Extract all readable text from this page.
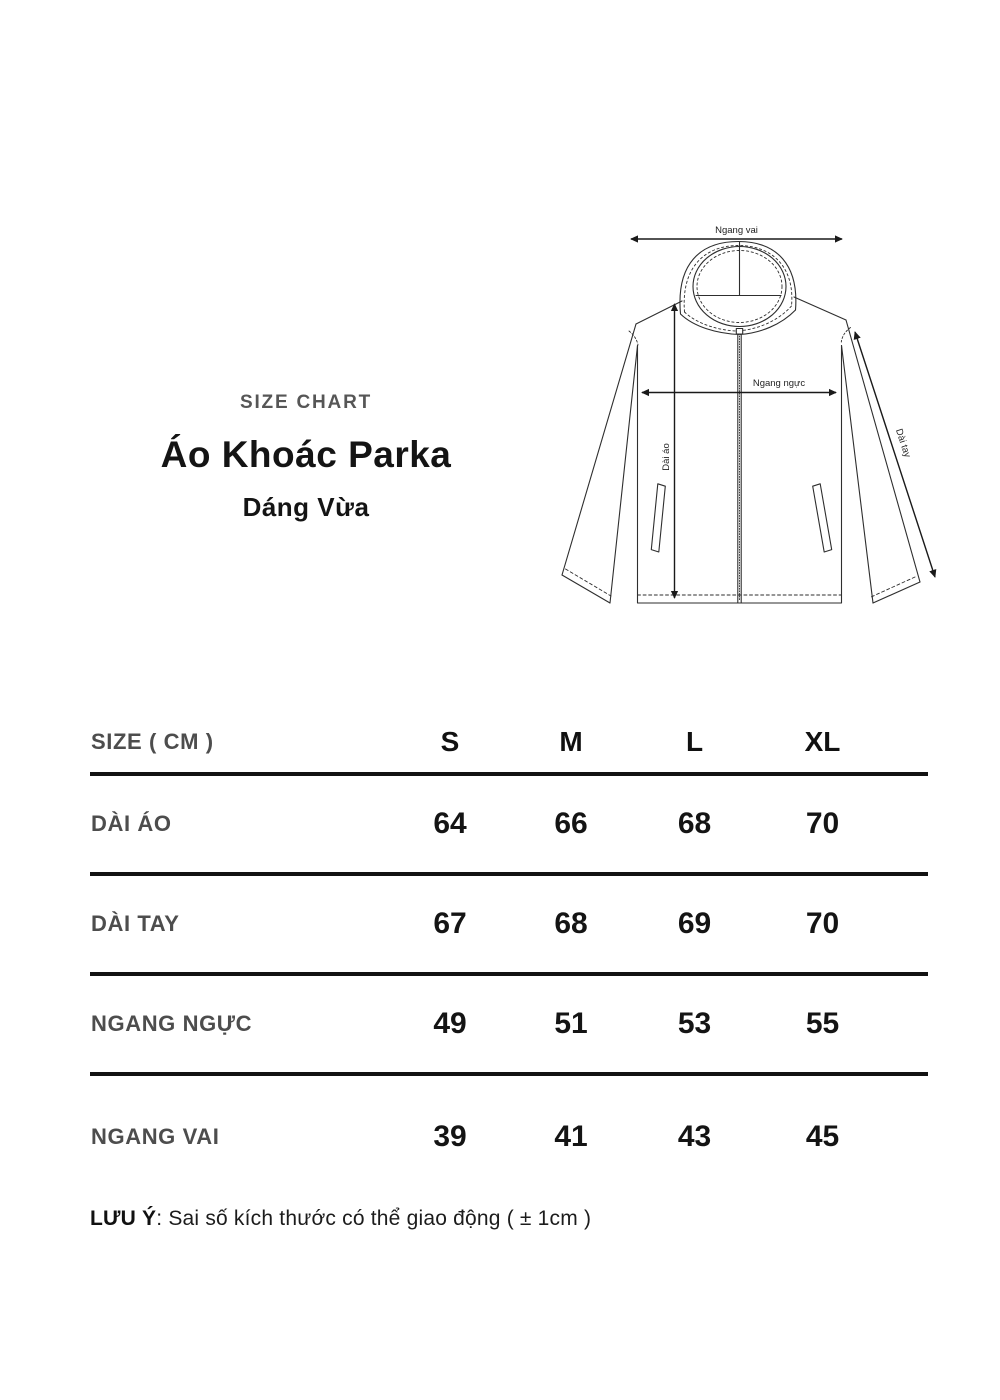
SIZE CHART
Áo Khoác Parka
Dáng Vừa
Ngang vai
Ngang ngực
Dài áo	Dài tay
SIZE ( CM )	S	M	L	XL
DÀI ÁO	64	66	68	70
DÀI TAY	67	68	69	70
NGANG NGỰC	49	51	53	55
NGANG VAI	39	41	43	45
LƯU Ý: Sai số kích thước có thể giao động ( ± 1cm )
